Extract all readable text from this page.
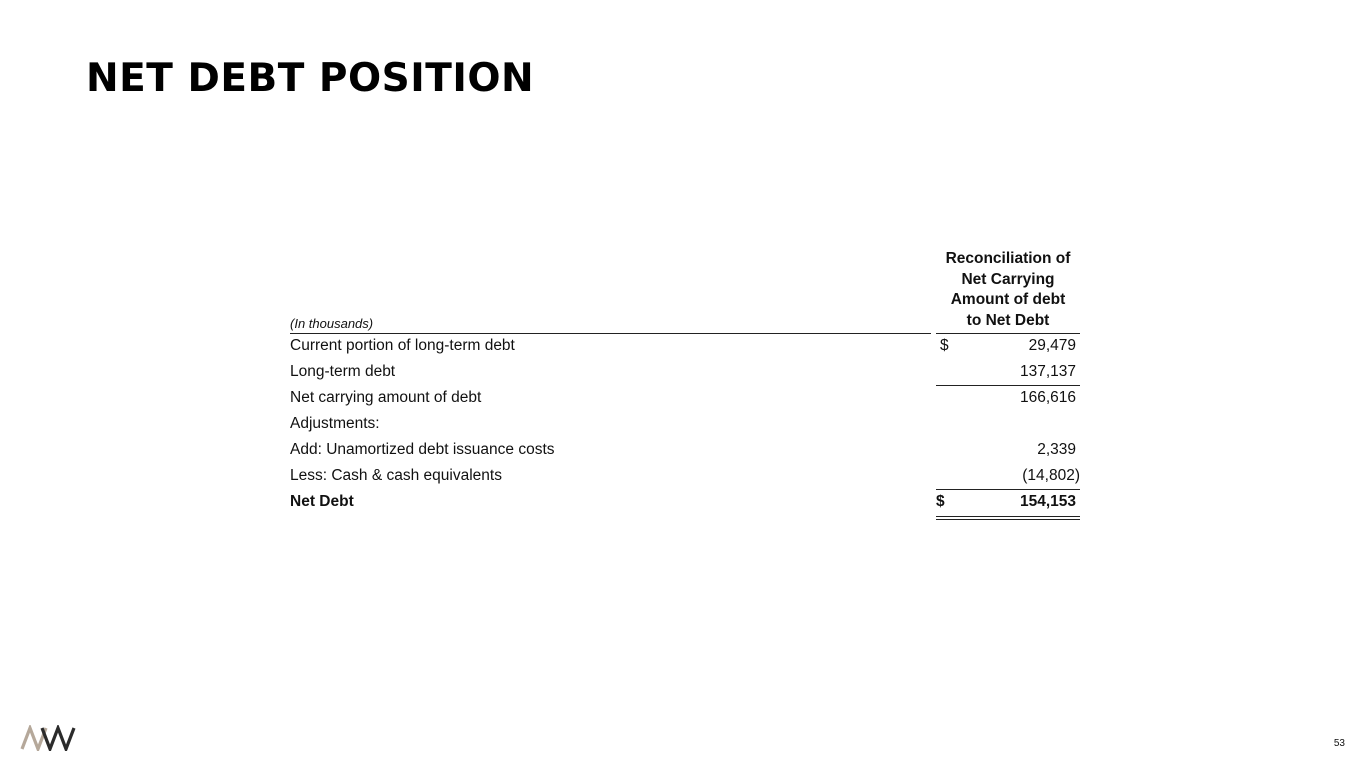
NET DEBT POSITION
(In thousands)
Reconciliation of
Net Carrying
Amount of debt
to Net Debt
Current portion of long-term debt	$	29,479
Long-term debt	137,137
Net carrying amount of debt	166,616
Adjustments:
Add: Unamortized debt issuance costs	2,339
Less: Cash & cash equivalents	(14,802)
Net Debt	$	154,153
53
